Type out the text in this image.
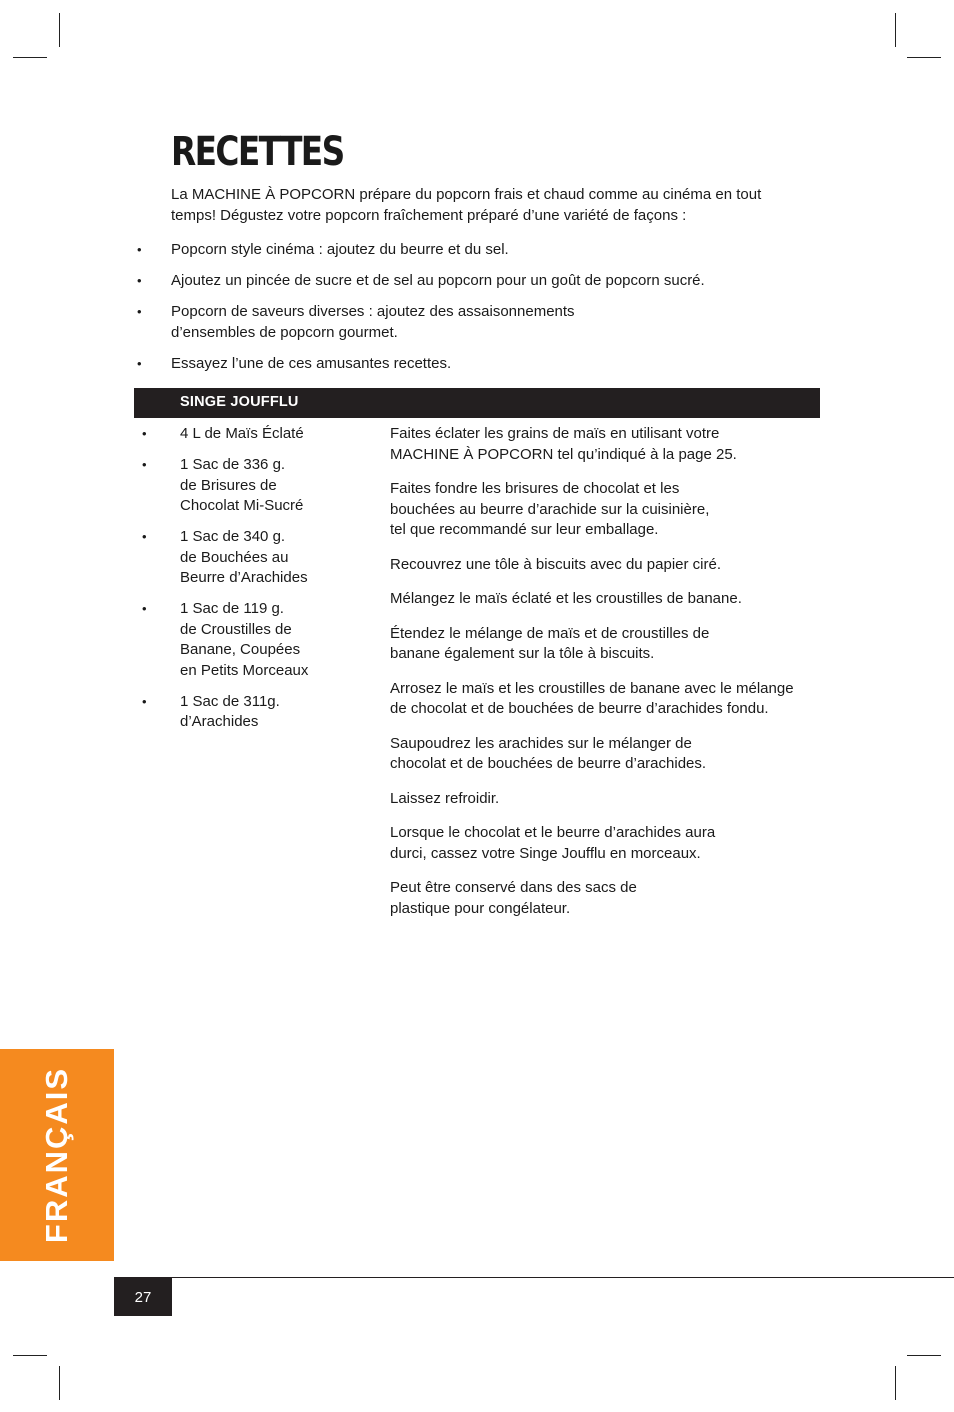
RECETTES

La MACHINE À POPCORN prépare du popcorn frais et chaud comme au cinéma en tout temps! Dégustez votre popcorn fraîchement préparé d’une variété de façons :

• Popcorn style cinéma : ajoutez du beurre et du sel.
• Ajoutez un pincée de sucre et de sel au popcorn pour un goût de popcorn sucré.
• Popcorn de saveurs diverses : ajoutez des assaisonnements
d’ensembles de popcorn gourmet.
• Essayez l’une de ces amusantes recettes.
SINGE JOUFFLU
• 4 L de Maïs Éclaté
• 1 Sac de 336 g.
de Brisures de
Chocolat Mi-Sucré
• 1 Sac de 340 g.
de Bouchées au
Beurre d’Arachides
• 1 Sac de 119 g.
de Croustilles de
Banane, Coupées
en Petits Morceaux
• 1 Sac de 311g.
d’Arachides

Faites éclater les grains de maïs en utilisant votre
MACHINE À POPCORN tel qu’indiqué à la page 25.

Faites fondre les brisures de chocolat et les
bouchées au beurre d’arachide sur la cuisinière,
tel que recommandé sur leur emballage.

Recouvrez une tôle à biscuits avec du papier ciré.

Mélangez le maïs éclaté et les croustilles de banane.

Étendez le mélange de maïs et de croustilles de
banane également sur la tôle à biscuits.

Arrosez le maïs et les croustilles de banane avec le mélange
de chocolat et de bouchées de beurre d’arachides fondu.

Saupoudrez les arachides sur le mélanger de
chocolat et de bouchées de beurre d’arachides.

Laissez refroidir.

Lorsque le chocolat et le beurre d’arachides aura
durci, cassez votre Singe Joufflu en morceaux.

Peut être conservé dans des sacs de
plastique pour congélateur.

FRANÇAIS
27
